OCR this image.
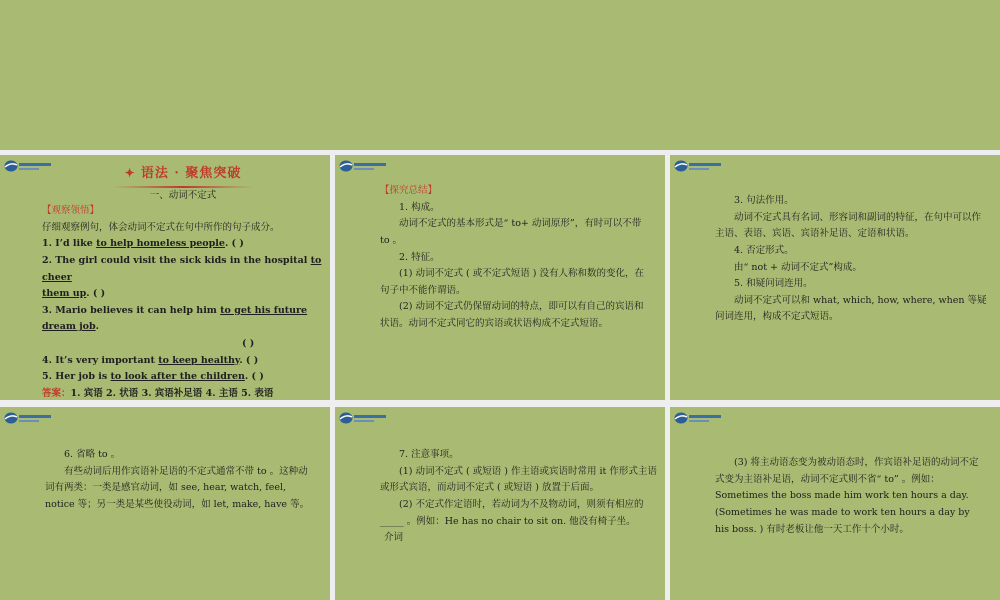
✦ 语法 · 聚焦突破

一、动词不定式

【观察领悟】

仔细观察例句，体会动词不定式在句中所作的句子成分。

1. I’d like to help homeless people. ( )

2. The girl could visit the sick kids in the hospital to cheer
them up. ( )

3. Mario believes it can help him to get his future dream job.

( )

4. It’s very important to keep healthy. ( )

5. Her job is to look after the children. ( )

答案：1. 宾语 2. 状语 3. 宾语补足语 4. 主语 5. 表语

【探究总结】

1. 构成。

动词不定式的基本形式是“ to+ 动词原形”，有时可以不带 to 。

2. 特征。

(1) 动词不定式 ( 或不定式短语 ) 没有人称和数的变化，在句子中不能作谓语。

(2) 动词不定式仍保留动词的特点，即可以有自己的宾语和状语。动词不定式同它的宾语或状语构成不定式短语。

3. 句法作用。

动词不定式具有名词、形容词和副词的特征，在句中可以作主语、表语、宾语、宾语补足语、定语和状语。

4. 否定形式。

由“ not + 动词不定式”构成。

5. 和疑问词连用。

动词不定式可以和 what, which, how, where, when 等疑问词连用，构成不定式短语。

6. 省略 to 。

有些动词后用作宾语补足语的不定式通常不带 to 。这种动词有两类：一类是感官动词，如 see, hear, watch, feel, notice 等；另一类是某些使役动词，如 let, make, have 等。

7. 注意事项。

(1) 动词不定式 ( 或短语 ) 作主语或宾语时常用 it 作形式主语或形式宾语，而动词不定式 ( 或短语 ) 放置于后面。

(2) 不定式作定语时，若动词为不及物动词，则须有相应的 _____ 。例如：He has no chair to sit on. 他没有椅子坐。

介词

(3) 将主动语态变为被动语态时，作宾语补足语的动词不定式变为主语补足语，动词不定式则不省“ to” 。例如：Sometimes the boss made him work ten hours a day. (Sometimes he was made to work ten hours a day by his boss. ) 有时老板让他一天工作十个小时。
